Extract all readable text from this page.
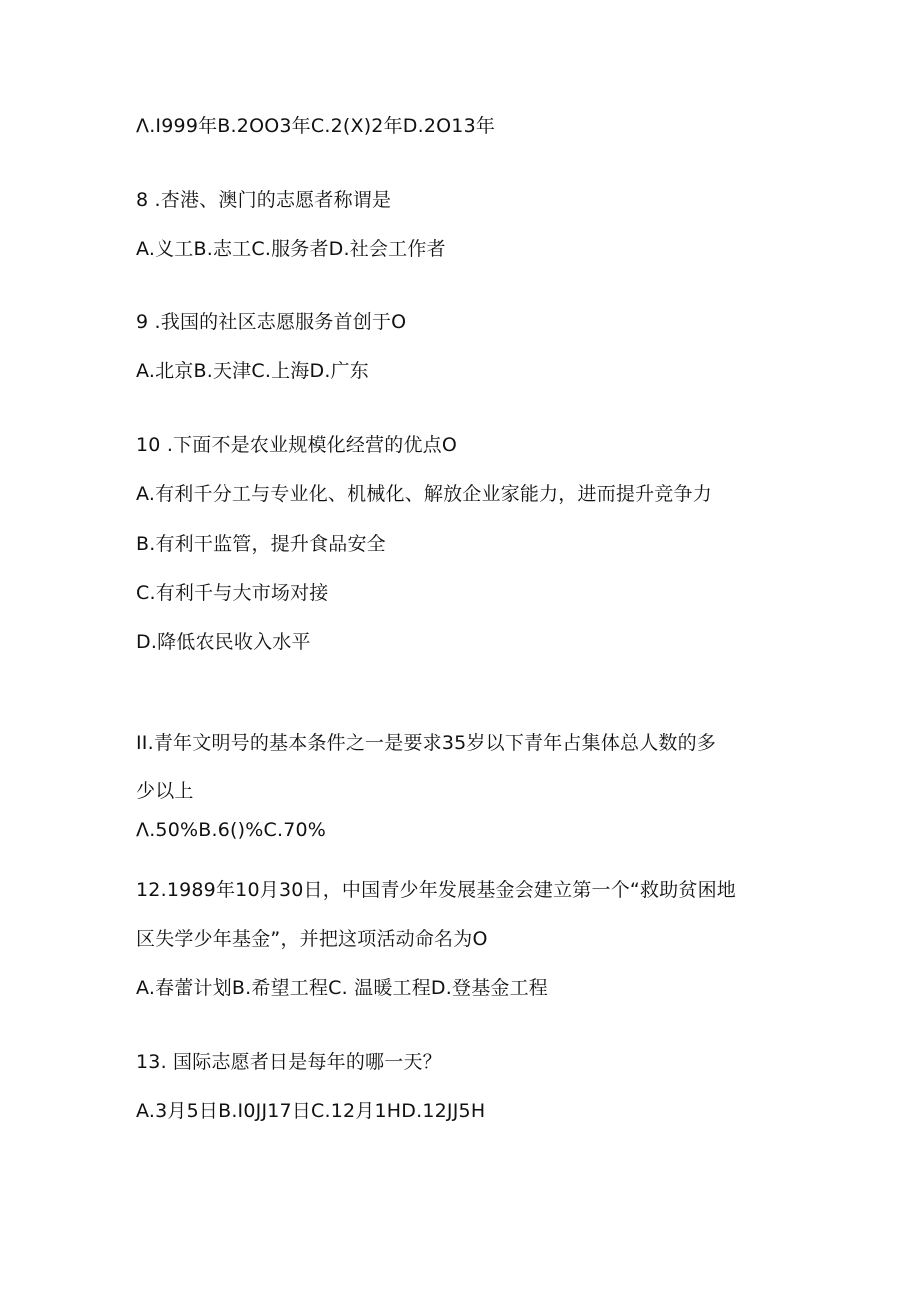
Λ.I999年B.2OO3年C.2(X)2年D.2O13年
8 .杏港、澳门的志愿者称谓是
A.义工B.志工C.服务者D.社会工作者
9 .我国的社区志愿服务首创于O
A.北京B.天津C.上海D.广东
10 .下面不是农业规模化经营的优点O
A.有利千分工与专业化、机械化、解放企业家能力，进而提升竞争力
B.有利干监管，提升食品安全
C.有利千与大市场对接
D.降低农民收入水平
II.青年文明号的基本条件之一是要求35岁以下青年占集体总人数的多
少以上
Λ.50%B.6()%C.70%
12.1989年10月30日，中国青少年发展基金会建立第一个“救助贫困地
区失学少年基金”，并把这项活动命名为O
A.春蕾计划B.希望工程C. 温暖工程D.登基金工程
13. 国际志愿者日是每年的哪一天？
A.3月5日B.I0JJ17日C.12月1HD.12JJ5H
